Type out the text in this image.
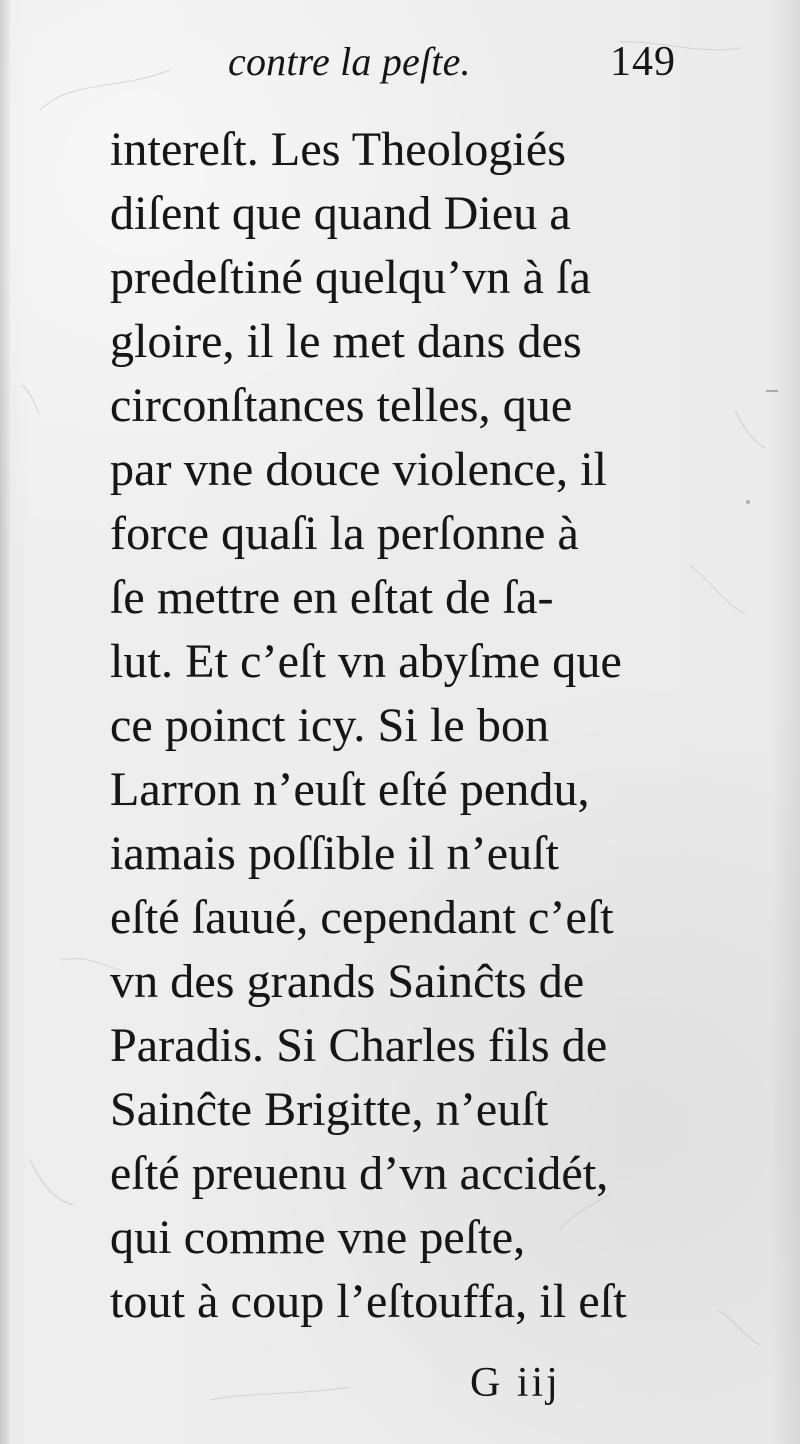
contre la peſte.	149
intereſt. Les Theologiés
diſent que quand Dieu a
predeſtiné quelqu’vn à ſa
gloire, il le met dans des
circonſtances telles, que
par vne douce violence, il
force quaſi la perſonne à
ſe mettre en eſtat de ſa-
lut. Et c’eſt vn abyſme que
ce poinct icy. Si le bon
Larron n’euſt eſté pendu,
iamais poſſible il n’euſt
eſté ſauué, cependant c’eſt
vn des grands Sainĉts de
Paradis. Si Charles fils de
Sainĉte Brigitte, n’euſt
eſté preuenu d’vn accidét,
qui comme vne peſte,
tout à coup l’eſtouffa, il eſt
G iij
